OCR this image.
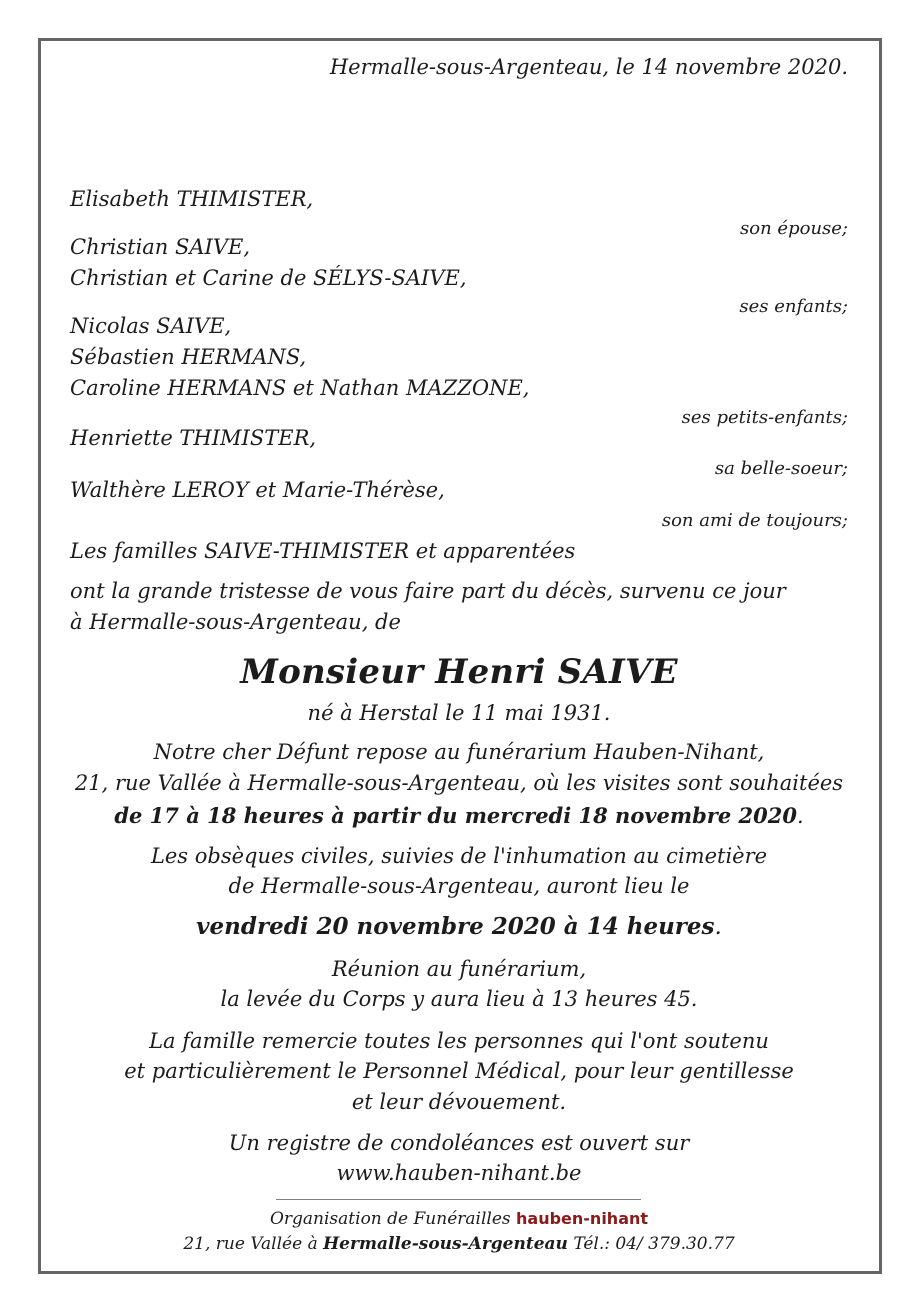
Hermalle-sous-Argenteau, le 14 novembre 2020.
Elisabeth THIMISTER,
son épouse;
Christian SAIVE,
Christian et Carine de SÉLYS-SAIVE,
ses enfants;
Nicolas SAIVE,
Sébastien HERMANS,
Caroline HERMANS et Nathan MAZZONE,
ses petits-enfants;
Henriette THIMISTER,
sa belle-soeur;
Walthère LEROY et Marie-Thérèse,
son ami de toujours;
Les familles SAIVE-THIMISTER et apparentées
ont la grande tristesse de vous faire part du décès, survenu ce jour
à Hermalle-sous-Argenteau, de
Monsieur Henri SAIVE
né à Herstal le 11 mai 1931.
Notre cher Défunt repose au funérarium Hauben-Nihant,
21, rue Vallée à Hermalle-sous-Argenteau, où les visites sont souhaitées
de 17 à 18 heures à partir du mercredi 18 novembre 2020.
Les obsèques civiles, suivies de l'inhumation au cimetière
de Hermalle-sous-Argenteau, auront lieu le
vendredi 20 novembre 2020 à 14 heures.
Réunion au funérarium,
la levée du Corps y aura lieu à 13 heures 45.
La famille remercie toutes les personnes qui l'ont soutenu
et particulièrement le Personnel Médical, pour leur gentillesse
et leur dévouement.
Un registre de condoléances est ouvert sur
www.hauben-nihant.be
Organisation de Funérailles hauben-nihant
21, rue Vallée à Hermalle-sous-Argenteau Tél.: 04/ 379.30.77
